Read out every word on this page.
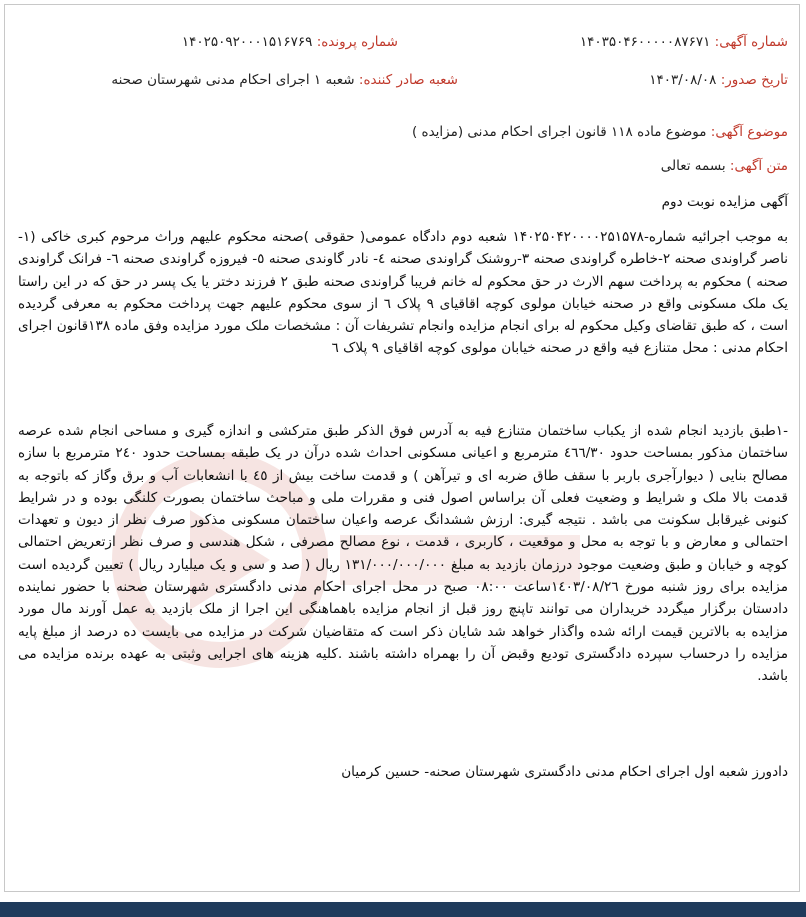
شماره آگهی: ۱۴۰۳۵۰۴۶۰۰۰۰۰۸۷۶۷۱
شماره پرونده: ۱۴۰۲۵۰۹۲۰۰۰۱۵۱۶۷۶۹
تاریخ صدور: ۱۴۰۳/۰۸/۰۸
شعبه صادر کننده: شعبه ۱ اجرای احکام مدنی شهرستان صحنه
موضوع آگهی: موضوع ماده ۱۱۸ قانون اجرای احکام مدنی (مزایده )
متن آگهی: بسمه تعالی
آگهی مزایده نوبت دوم

به موجب اجرائیه شماره-۱۴۰۲۵۰۴۲۰۰۰۰۲۵۱۵۷۸ شعبه دوم دادگاه عمومی( حقوقی )صحنه محکوم علیهم وراث مرحوم کبری خاکی (۱- ناصر گراوندی صحنه ۲-خاطره گراوندی صحنه ۳-روشنک گراوندی صحنه ٤- نادر گاوندی صحنه ٥- فیروزه گراوندی صحنه ٦- فرانک گراوندی صحنه ) محکوم به پرداخت سهم الارث در حق محکوم له خانم فریبا گراوندی صحنه طبق ۲ فرزند دختر یا یک پسر در حق که در این راستا یک ملک مسکونی واقع در صحنه خیابان مولوی کوچه اقاقیای ۹ پلاک ٦ از سوی محکوم علیهم جهت پرداخت محکوم به معرفی گردیده است ، که طبق تقاضای وکیل محکوم له برای انجام مزایده وانجام تشریفات آن : مشخصات ملک مورد مزایده وفق ماده ۱۳۸قانون اجرای احکام مدنی : محل متنازع فیه واقع در صحنه خیابان مولوی کوچه اقاقیای ۹ پلاک ٦

-۱طبق بازدید انجام شده از یکباب ساختمان متنازع فیه به آدرس فوق الذکر طبق مترکشی و اندازه گیری و مساحی انجام شده عرصه ساختمان مذکور بمساحت حدود ٤٦٦/۳۰ مترمربع و اعیانی مسکونی احداث شده درآن در یک طبقه بمساحت حدود ۲٤۰ مترمربع با سازه مصالح بنایی ( دیوارآجری باربر با سقف طاق ضربه ای و تیرآهن ) و قدمت ساخت بیش از ٤٥ با انشعابات آب و برق وگاز که باتوجه به قدمت بالا ملک و شرایط و وضعیت فعلی آن براساس اصول فنی و مقررات ملی و مباحث ساختمان بصورت کلنگی بوده و در شرایط کنونی غیرقابل سکونت می باشد . نتیجه گیری: ارزش ششدانگ عرصه واعیان ساختمان مسکونی مذکور صرف نظر از دیون و تعهدات احتمالی و معارض و با توجه به محل و موقعیت ، کاربری ، قدمت ، نوع مصالح مصرفی ، شکل هندسی و صرف نظر ازتعریض احتمالی کوچه و خیابان و طبق وضعیت موجود درزمان بازدید به مبلغ ۱۳۱/۰۰۰/۰۰۰/۰۰۰ ریال ( صد و سی و یک میلیارد ریال ) تعیین گردیده است مزایده برای روز شنبه مورخ ۱٤۰۳/۰۸/۲٦ساعت ۰۸:۰۰ صبح در محل اجرای احکام مدنی دادگستری شهرستان صحنه با حضور نماینده دادستان برگزار میگردد خریداران می توانند تاپنچ روز قبل از انجام مزایده باهماهنگی این اجرا از ملک بازدید به عمل آورند مال مورد مزایده به بالاترین قیمت ارائه شده واگذار خواهد شد شایان ذکر است که متقاضیان شرکت در مزایده می بایست ده درصد از مبلغ پایه مزایده را درحساب سپرده دادگستری توديع وقبض آن را بهمراه داشته باشند .کلیه هزینه های اجرایی وثبتی به عهده برنده مزایده می باشد.

دادورز شعبه اول اجرای احکام مدنی دادگستری شهرستان صحنه- حسین کرمیان
